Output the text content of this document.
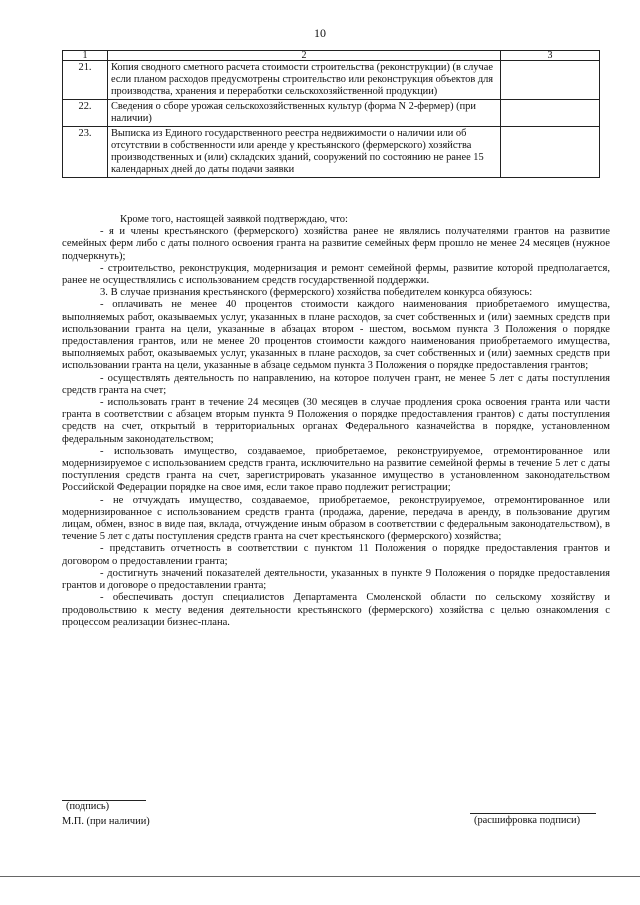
10
1	2	3
21.	Копия сводного сметного расчета стоимости строительства (реконструкции) (в случае если планом расходов предусмотрены строительство или реконструкция объектов для производства, хранения и переработки сельскохозяйственной продукции)	
22.	Сведения о сборе урожая сельскохозяйственных культур (форма N 2-фермер) (при наличии)	
23.	Выписка из Единого государственного реестра недвижимости о наличии или об отсутствии в собственности или аренде у крестьянского (фермерского) хозяйства производственных и (или) складских зданий, сооружений по состоянию не ранее 15 календарных дней до даты подачи заявки	

Кроме того, настоящей заявкой подтверждаю, что:

- я и члены крестьянского (фермерского) хозяйства ранее не являлись получателями грантов на развитие семейных ферм либо с даты полного освоения гранта на развитие семейных ферм прошло не менее 24 месяцев (нужное подчеркнуть);

- строительство, реконструкция, модернизация и ремонт семейной фермы, развитие которой предполагается, ранее не осуществлялись с использованием средств государственной поддержки.

3. В случае признания крестьянского (фермерского) хозяйства победителем конкурса обязуюсь:

- оплачивать не менее 40 процентов стоимости каждого наименования приобретаемого имущества, выполняемых работ, оказываемых услуг, указанных в плане расходов, за счет собственных и (или) заемных средств при использовании гранта на цели, указанные в абзацах втором - шестом, восьмом пункта 3 Положения о порядке предоставления грантов, или не менее 20 процентов стоимости каждого наименования приобретаемого имущества, выполняемых работ, оказываемых услуг, указанных в плане расходов, за счет собственных и (или) заемных средств при использовании гранта на цели, указанные в абзаце седьмом пункта 3 Положения о порядке предоставления грантов;

- осуществлять деятельность по направлению, на которое получен грант, не менее 5 лет с даты поступления средств гранта на счет;

- использовать грант в течение 24 месяцев (30 месяцев в случае продления срока освоения гранта или части гранта в соответствии с абзацем вторым пункта 9 Положения о порядке предоставления грантов) с даты поступления средств на счет, открытый в территориальных органах Федерального казначейства в порядке, установленном федеральным законодательством;

- использовать имущество, создаваемое, приобретаемое, реконструируемое, отремонтированное или модернизируемое с использованием средств гранта, исключительно на развитие семейной фермы в течение 5 лет с даты поступления средств гранта на счет, зарегистрировать указанное имущество в установленном законодательством Российской Федерации порядке на свое имя, если такое право подлежит регистрации;

- не отчуждать имущество, создаваемое, приобретаемое, реконструируемое, отремонтированное или модернизированное с использованием средств гранта (продажа, дарение, передача в аренду, в пользование другим лицам, обмен, взнос в виде пая, вклада, отчуждение иным образом в соответствии с федеральным законодательством), в течение 5 лет с даты поступления средств гранта на счет крестьянского (фермерского) хозяйства;

- представить отчетность в соответствии с пунктом 11 Положения о порядке предоставления грантов и договором о предоставлении гранта;

- достигнуть значений показателей деятельности, указанных в пункте 9 Положения о порядке предоставления грантов и договоре о предоставлении гранта;

- обеспечивать доступ специалистов Департамента Смоленской области по сельскому хозяйству и продовольствию к месту ведения деятельности крестьянского (фермерского) хозяйства с целью ознакомления с процессом реализации бизнес-плана.

(подпись)
М.П. (при наличии)	(расшифровка подписи)
